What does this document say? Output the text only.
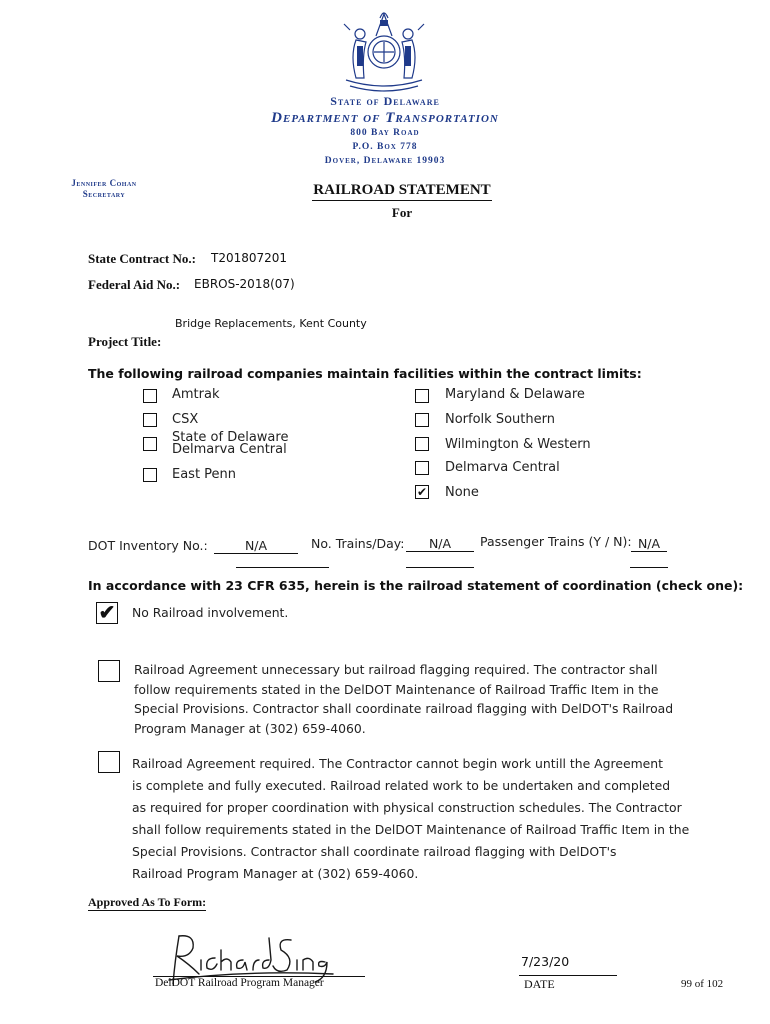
State of Delaware
Department of Transportation
800 Bay Road
P.O. Box 778
Dover, Delaware 19903
Jennifer Cohan
Secretary	RAILROAD STATEMENT
For
State Contract No.: T201807201
Federal Aid No.: EBROS-2018(07)
Bridge Replacements, Kent County
Project Title:
The following railroad companies maintain facilities within the contract limits:
Amtrak
CSX
State of Delaware
Delmarva Central
East Penn
Maryland & Delaware
Norfolk Southern
Wilmington & Western
Delmarva Central
✔ None
DOT Inventory No.:	N/A	No. Trains/Day:	N/A	Passenger Trains (Y / N): N/A
In accordance with 23 CFR 635, herein is the railroad statement of coordination (check one):
✔ No Railroad involvement.
Railroad Agreement unnecessary but railroad flagging required. The contractor shall
follow requirements stated in the DelDOT Maintenance of Railroad Traffic Item in the
Special Provisions. Contractor shall coordinate railroad flagging with DelDOT's Railroad
Program Manager at (302) 659-4060.
Railroad Agreement required. The Contractor cannot begin work untill the Agreement
is complete and fully executed. Railroad related work to be undertaken and completed
as required for proper coordination with physical construction schedules. The Contractor
shall follow requirements stated in the DelDOT Maintenance of Railroad Traffic Item in the
Special Provisions. Contractor shall coordinate railroad flagging with DelDOT's
Railroad Program Manager at (302) 659-4060.
Approved As To Form:
DelDOT Railroad Program Manager
7/23/20
DATE	99 of 102
